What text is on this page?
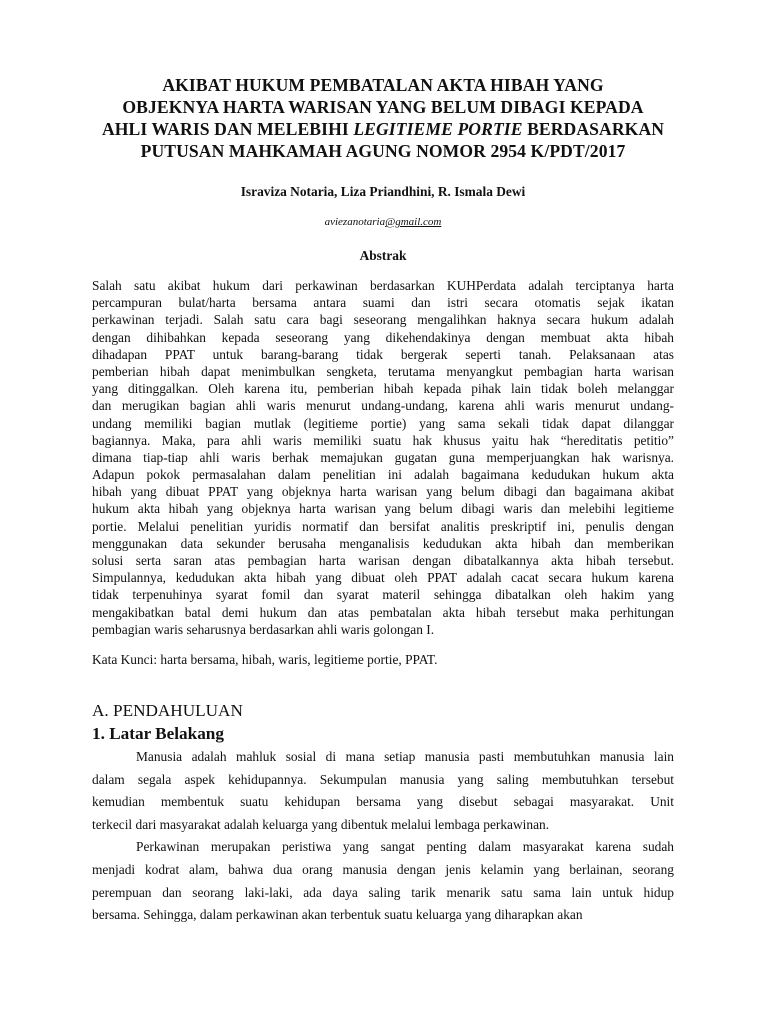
AKIBAT HUKUM PEMBATALAN AKTA HIBAH YANG
OBJEKNYA HARTA WARISAN YANG BELUM DIBAGI KEPADA
AHLI WARIS DAN MELEBIHI LEGITIEME PORTIE BERDASARKAN
PUTUSAN MAHKAMAH AGUNG NOMOR 2954 K/PDT/2017
Israviza Notaria, Liza Priandhini, R. Ismala Dewi
aviezanotaria@gmail.com
Abstrak
Salah satu akibat hukum dari perkawinan berdasarkan KUHPerdata adalah terciptanya harta
percampuran bulat/harta bersama antara suami dan istri secara otomatis sejak ikatan
perkawinan terjadi. Salah satu cara bagi seseorang mengalihkan haknya secara hukum adalah
dengan dihibahkan kepada seseorang yang dikehendakinya dengan membuat akta hibah
dihadapan PPAT untuk barang-barang tidak bergerak seperti tanah. Pelaksanaan atas
pemberian hibah dapat menimbulkan sengketa, terutama menyangkut pembagian harta warisan
yang ditinggalkan. Oleh karena itu, pemberian hibah kepada pihak lain tidak boleh melanggar
dan merugikan bagian ahli waris menurut undang-undang, karena ahli waris menurut undang-
undang memiliki bagian mutlak (legitieme portie) yang sama sekali tidak dapat dilanggar
bagiannya. Maka, para ahli waris memiliki suatu hak khusus yaitu hak “hereditatis petitio”
dimana tiap-tiap ahli waris berhak memajukan gugatan guna memperjuangkan hak warisnya.
Adapun pokok permasalahan dalam penelitian ini adalah bagaimana kedudukan hukum akta
hibah yang dibuat PPAT yang objeknya harta warisan yang belum dibagi dan bagaimana akibat
hukum akta hibah yang objeknya harta warisan yang belum dibagi waris dan melebihi legitieme
portie. Melalui penelitian yuridis normatif dan bersifat analitis preskriptif ini, penulis dengan
menggunakan data sekunder berusaha menganalisis kedudukan akta hibah dan memberikan
solusi serta saran atas pembagian harta warisan dengan dibatalkannya akta hibah tersebut.
Simpulannya, kedudukan akta hibah yang dibuat oleh PPAT adalah cacat secara hukum karena
tidak terpenuhinya syarat fomil dan syarat materil sehingga dibatalkan oleh hakim yang
mengakibatkan batal demi hukum dan atas pembatalan akta hibah tersebut maka perhitungan
pembagian waris seharusnya berdasarkan ahli waris golongan I.
Kata Kunci: harta bersama, hibah, waris, legitieme portie, PPAT.
A. PENDAHULUAN
1. Latar Belakang
Manusia adalah mahluk sosial di mana setiap manusia pasti membutuhkan manusia lain
dalam segala aspek kehidupannya. Sekumpulan manusia yang saling membutuhkan tersebut
kemudian membentuk suatu kehidupan bersama yang disebut sebagai masyarakat. Unit
terkecil dari masyarakat adalah keluarga yang dibentuk melalui lembaga perkawinan.
Perkawinan merupakan peristiwa yang sangat penting dalam masyarakat karena sudah
menjadi kodrat alam, bahwa dua orang manusia dengan jenis kelamin yang berlainan, seorang
perempuan dan seorang laki-laki, ada daya saling tarik menarik satu sama lain untuk hidup
bersama. Sehingga, dalam perkawinan akan terbentuk suatu keluarga yang diharapkan akan
